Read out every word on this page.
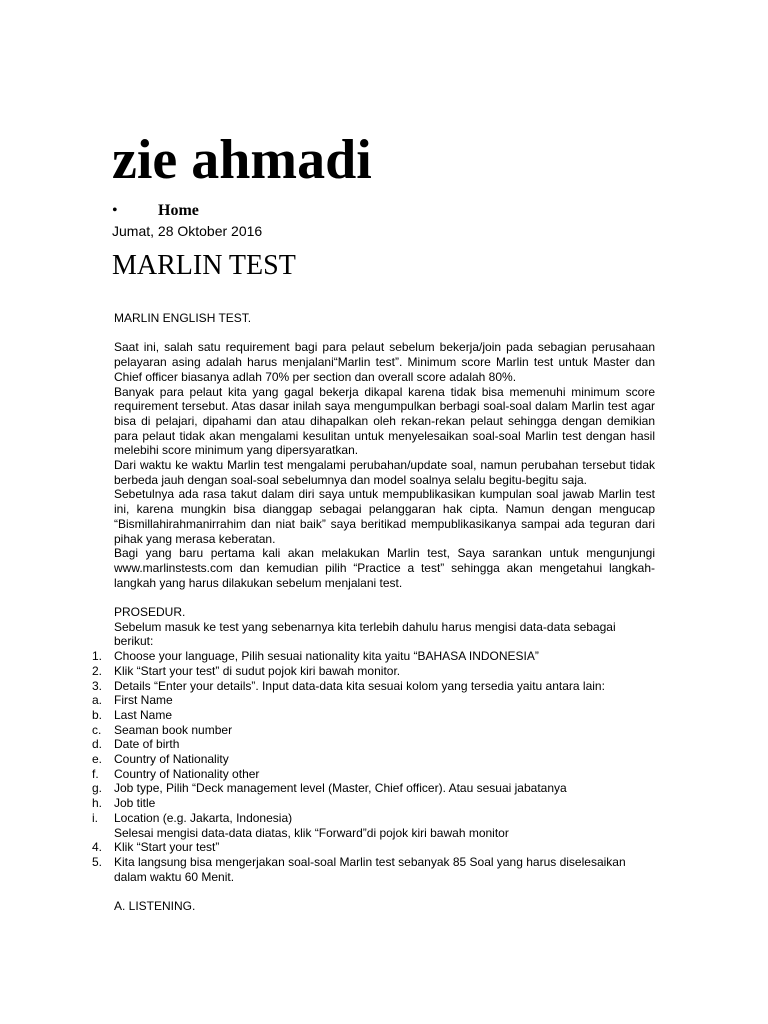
zie ahmadi
•	Home
Jumat, 28 Oktober 2016
MARLIN TEST
MARLIN ENGLISH TEST.
Saat ini, salah satu requirement bagi para pelaut sebelum bekerja/join pada sebagian perusahaan pelayaran asing adalah harus menjalani“Marlin test”. Minimum score Marlin test untuk Master dan Chief officer biasanya adlah 70% per section dan overall score adalah 80%.
Banyak para pelaut kita yang gagal bekerja dikapal karena tidak bisa memenuhi minimum score requirement tersebut. Atas dasar inilah saya mengumpulkan berbagi soal-soal dalam Marlin test agar bisa di pelajari, dipahami dan atau dihapalkan oleh rekan-rekan pelaut sehingga dengan demikian para pelaut tidak akan mengalami kesulitan untuk menyelesaikan soal-soal Marlin test dengan hasil melebihi score minimum yang dipersyaratkan.
Dari waktu ke waktu Marlin test mengalami perubahan/update soal, namun perubahan tersebut tidak berbeda jauh dengan soal-soal sebelumnya dan model soalnya selalu begitu-begitu saja.
Sebetulnya ada rasa takut dalam diri saya untuk mempublikasikan kumpulan soal jawab Marlin test ini, karena mungkin bisa dianggap sebagai pelanggaran hak cipta. Namun dengan mengucap “Bismillahirahmanirrahim dan niat baik” saya beritikad mempublikasikanya sampai ada teguran dari pihak yang merasa keberatan.
Bagi yang baru pertama kali akan melakukan Marlin test, Saya sarankan untuk mengunjungi www.marlinstests.com dan kemudian pilih “Practice a test” sehingga akan mengetahui langkah-langkah yang harus dilakukan sebelum menjalani test.
PROSEDUR.
Sebelum masuk ke test yang sebenarnya kita terlebih dahulu harus mengisi data-data sebagai berikut:
1. Choose your language, Pilih sesuai nationality kita yaitu “BAHASA INDONESIA”
2. Klik “Start your test” di sudut pojok kiri bawah monitor.
3. Details “Enter your details”. Input data-data kita sesuai kolom yang tersedia yaitu antara lain:
a. First Name
b. Last Name
c. Seaman book number
d. Date of birth
e. Country of Nationality
f. Country of Nationality other
g. Job type, Pilih “Deck management level (Master, Chief officer). Atau sesuai jabatanya
h. Job title
i. Location (e.g. Jakarta, Indonesia)
Selesai mengisi data-data diatas, klik “Forward”di pojok kiri bawah monitor
4. Klik “Start your test”
5. Kita langsung bisa mengerjakan soal-soal Marlin test sebanyak 85 Soal yang harus diselesaikan dalam waktu 60 Menit.
A. LISTENING.
